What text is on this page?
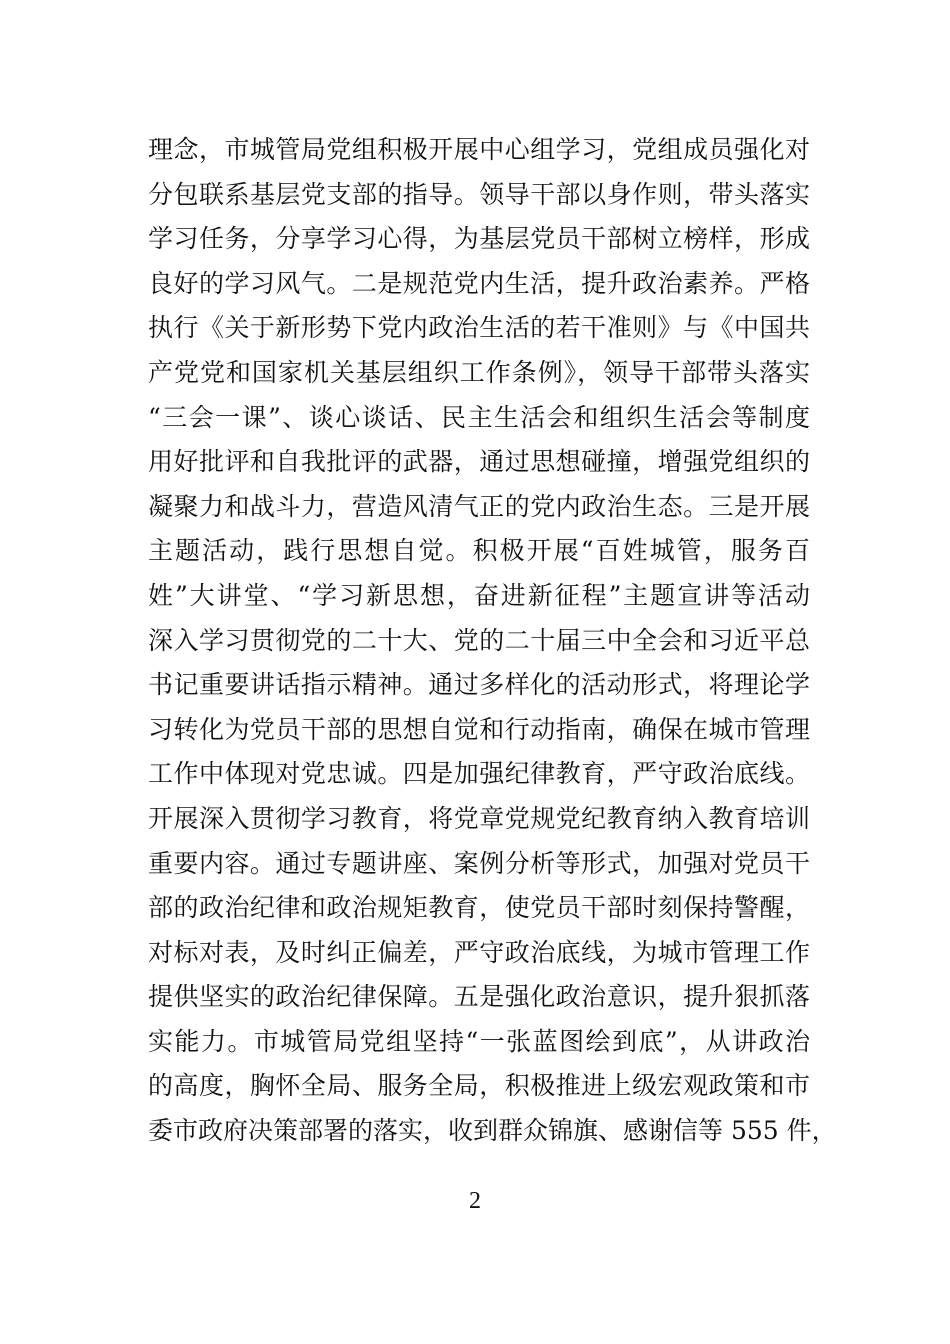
理念，市城管局党组积极开展中心组学习，党组成员强化对
分包联系基层党支部的指导。领导干部以身作则，带头落实
学习任务，分享学习心得，为基层党员干部树立榜样，形成
良好的学习风气。二是规范党内生活，提升政治素养。严格
执行《关于新形势下党内政治生活的若干准则》与《中国共
产党党和国家机关基层组织工作条例》，领导干部带头落实
“三会一课”、谈心谈话、民主生活会和组织生活会等制度
用好批评和自我批评的武器，通过思想碰撞，增强党组织的
凝聚力和战斗力，营造风清气正的党内政治生态。三是开展
主题活动，践行思想自觉。积极开展“百姓城管，服务百
姓”大讲堂、“学习新思想，奋进新征程”主题宣讲等活动
深入学习贯彻党的二十大、党的二十届三中全会和习近平总
书记重要讲话指示精神。通过多样化的活动形式，将理论学
习转化为党员干部的思想自觉和行动指南，确保在城市管理
工作中体现对党忠诚。四是加强纪律教育，严守政治底线。
开展深入贯彻学习教育，将党章党规党纪教育纳入教育培训
重要内容。通过专题讲座、案例分析等形式，加强对党员干
部的政治纪律和政治规矩教育，使党员干部时刻保持警醒，
对标对表，及时纠正偏差，严守政治底线，为城市管理工作
提供坚实的政治纪律保障。五是强化政治意识，提升狠抓落
实能力。市城管局党组坚持“一张蓝图绘到底”，从讲政治
的高度，胸怀全局、服务全局，积极推进上级宏观政策和市
委市政府决策部署的落实，收到群众锦旗、感谢信等 555 件，
2
